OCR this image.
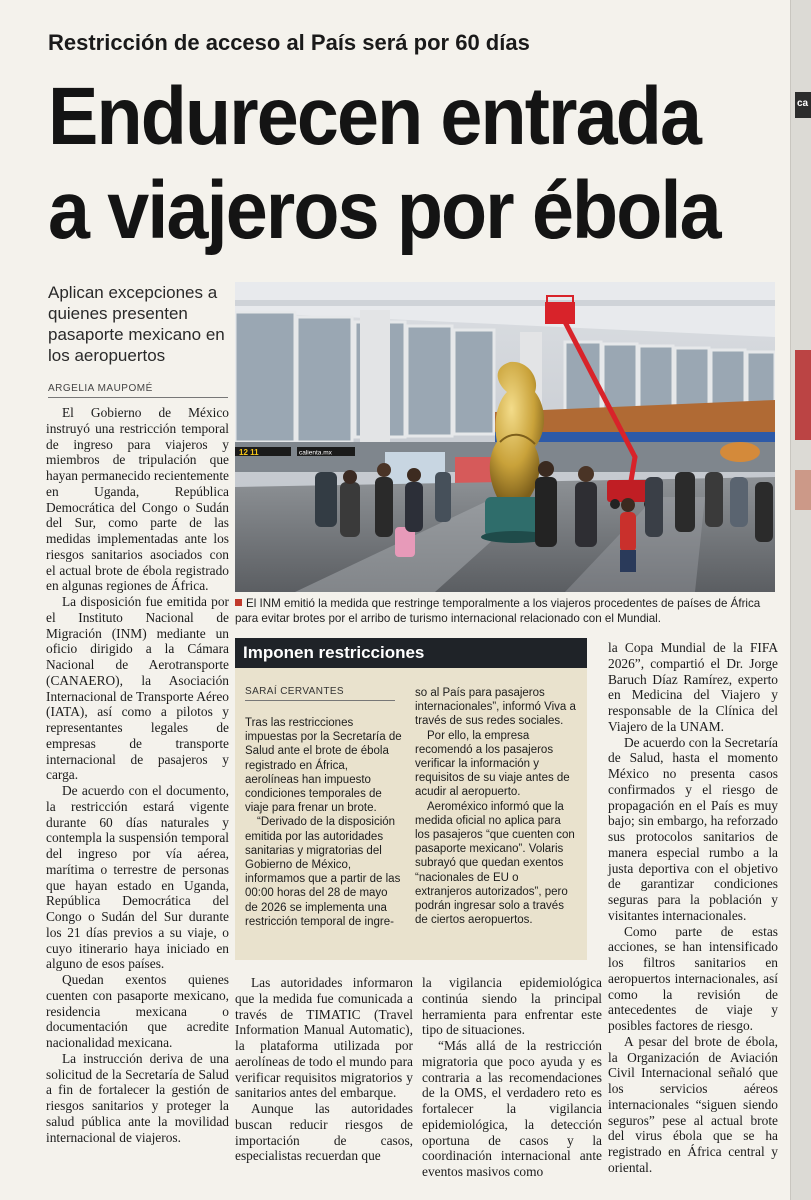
ca
Restricción de acceso al País será por 60 días
Endurecen entrada
a viajeros por ébola
Aplican excepciones a quienes presenten pasaporte mexicano en los aeropuertos
ARGELIA MAUPOMÉ

El Gobierno de México instruyó una restricción temporal de ingreso para viajeros y miembros de tripulación que hayan permanecido recientemente en Uganda, República Democrática del Congo o Sudán del Sur, como parte de las medidas implementadas ante los riesgos sanitarios asociados con el actual brote de ébola registrado en algunas regiones de África.

La disposición fue emitida por el Instituto Nacional de Migración (INM) mediante un oficio dirigido a la Cámara Nacional de Aerotransporte (CANAERO), la Asociación Internacional de Transporte Aéreo (IATA), así como a pilotos y representantes legales de empresas de transporte internacional de pasajeros y carga.

De acuerdo con el documento, la restricción estará vigente durante 60 días naturales y contempla la suspensión temporal del ingreso por vía aérea, marítima o terrestre de personas que hayan estado en Uganda, República Democrática del Congo o Sudán del Sur durante los 21 días previos a su viaje, o cuyo itinerario haya iniciado en alguno de esos países.

Quedan exentos quienes cuenten con pasaporte mexicano, residencia mexicana o documentación que acredite nacionalidad mexicana.

La instrucción deriva de una solicitud de la Secretaría de Salud a fin de fortalecer la gestión de riesgos sanitarios y proteger la salud pública ante la movilidad internacional de viajeros.

12 11	calienta.mx
El INM emitió la medida que restringe temporalmente a los viajeros procedentes de países de África para evitar brotes por el arribo de turismo internacional relacionado con el Mundial.
Imponen restricciones
SARAÍ CERVANTES

Tras las restricciones impuestas por la Secretaría de Salud ante el brote de ébola registrado en África, aerolíneas han impuesto condiciones temporales de viaje para frenar un brote.

“Derivado de la disposición emitida por las autoridades sanitarias y migratorias del Gobierno de México, informamos que a partir de las 00:00 horas del 28 de mayo de 2026 se implementa una restricción temporal de ingre-

so al País para pasajeros internacionales”, informó Viva a través de sus redes sociales.

Por ello, la empresa recomendó a los pasajeros verificar la información y requisitos de su viaje antes de acudir al aeropuerto.

Aeroméxico informó que la medida oficial no aplica para los pasajeros “que cuenten con pasaporte mexicano”. Volaris subrayó que quedan exentos “nacionales de EU o extranjeros autorizados”, pero podrán ingresar solo a través de ciertos aeropuertos.

Las autoridades informaron que la medida fue comunicada a través de TIMATIC (Travel Information Manual Automatic), la plataforma utilizada por aerolíneas de todo el mundo para verificar requisitos migratorios y sanitarios antes del embarque.

Aunque las autoridades buscan reducir riesgos de importación de casos, especialistas recuerdan que

la vigilancia epidemiológica continúa siendo la principal herramienta para enfrentar este tipo de situaciones.

“Más allá de la restricción migratoria que poco ayuda y es contraria a las recomendaciones de la OMS, el verdadero reto es fortalecer la vigilancia epidemiológica, la detección oportuna de casos y la coordinación internacional ante eventos masivos como

la Copa Mundial de la FIFA 2026”, compartió el Dr. Jorge Baruch Díaz Ramírez, experto en Medicina del Viajero y responsable de la Clínica del Viajero de la UNAM.

De acuerdo con la Secretaría de Salud, hasta el momento México no presenta casos confirmados y el riesgo de propagación en el País es muy bajo; sin embargo, ha reforzado sus protocolos sanitarios de manera especial rumbo a la justa deportiva con el objetivo de garantizar condiciones seguras para la población y visitantes internacionales.

Como parte de estas acciones, se han intensificado los filtros sanitarios en aeropuertos internacionales, así como la revisión de antecedentes de viaje y posibles factores de riesgo.

A pesar del brote de ébola, la Organización de Aviación Civil Internacional señaló que los servicios aéreos internacionales “siguen siendo seguros” pese al actual brote del virus ébola que se ha registrado en África central y oriental.
